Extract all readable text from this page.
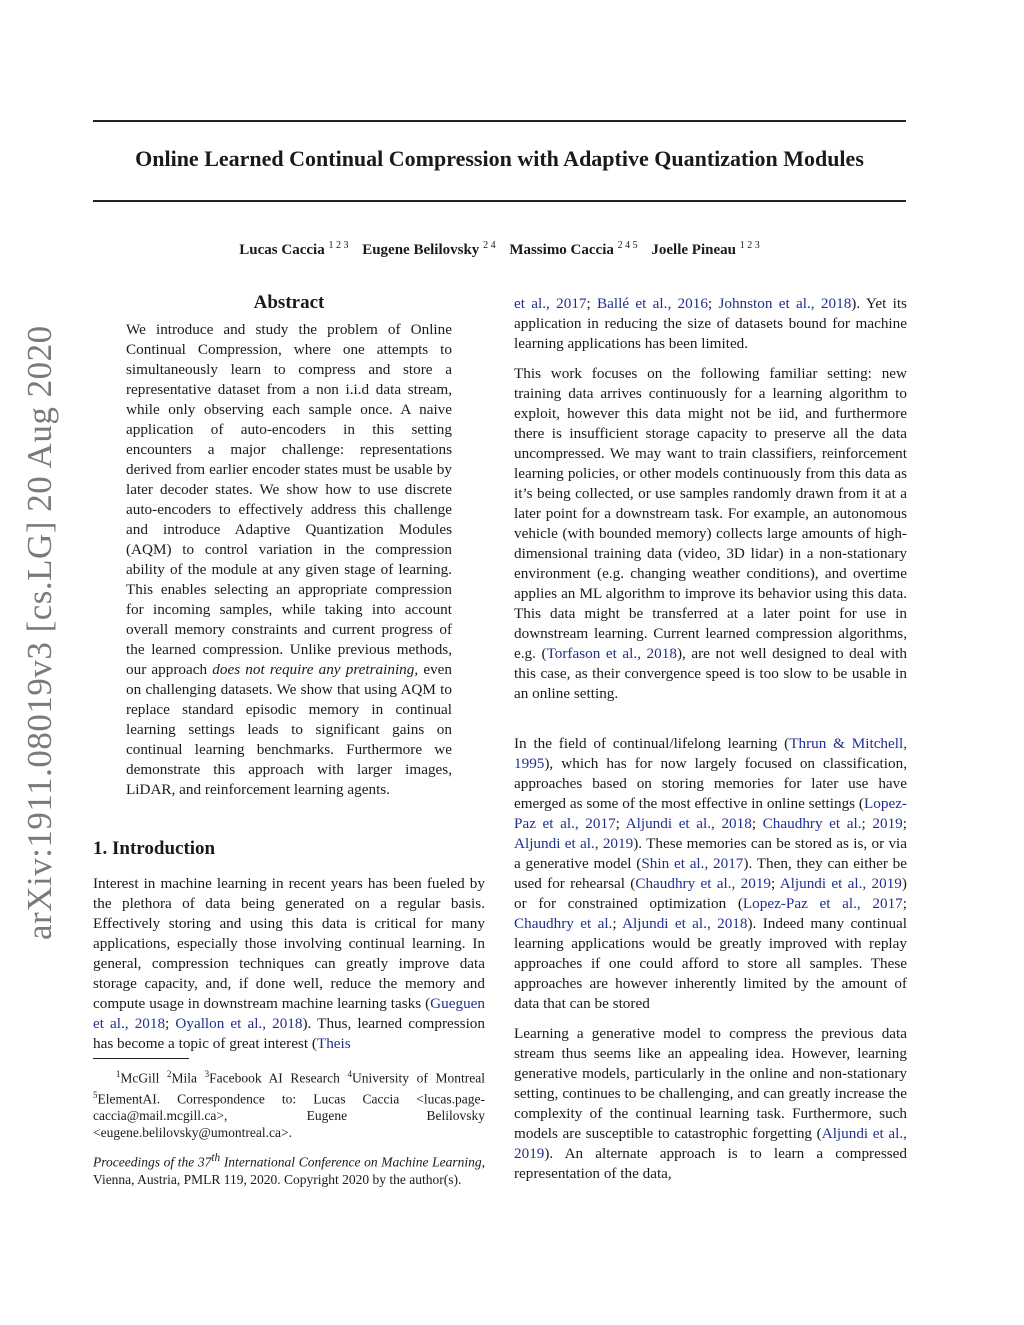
Online Learned Continual Compression with Adaptive Quantization Modules
Lucas Caccia $^{1 2 3}$ Eugene Belilovsky $^{2 4}$ Massimo Caccia $^{2 4 5}$ Joelle Pineau $^{1 2 3}$
arXiv:1911.08019v3 [cs.LG] 20 Aug 2020
Abstract

We introduce and study the problem of Online Continual Compression, where one attempts to simultaneously learn to compress and store a representative dataset from a non i.i.d data stream, while only observing each sample once. A naive application of auto-encoders in this setting encounters a major challenge: representations derived from earlier encoder states must be usable by later decoder states. We show how to use discrete auto-encoders to effectively address this challenge and introduce Adaptive Quantization Modules (AQM) to control variation in the compression ability of the module at any given stage of learning. This enables selecting an appropriate compression for incoming samples, while taking into account overall memory constraints and current progress of the learned compression. Unlike previous methods, our approach does not require any pretraining, even on challenging datasets. We show that using AQM to replace standard episodic memory in continual learning settings leads to significant gains on continual learning benchmarks. Furthermore we demonstrate this approach with larger images, LiDAR, and reinforcement learning agents.

1. Introduction

Interest in machine learning in recent years has been fueled by the plethora of data being generated on a regular basis. Effectively storing and using this data is critical for many applications, especially those involving continual learning. In general, compression techniques can greatly improve data storage capacity, and, if done well, reduce the memory and compute usage in downstream machine learning tasks (Gueguen et al., 2018; Oyallon et al., 2018). Thus, learned compression has become a topic of great interest (Theis

$^1$McGill $^2$Mila $^3$Facebook AI Research $^4$University of Montreal $^5$ElementAI. Correspondence to: Lucas Caccia <lucas.page-caccia@mail.mcgill.ca>, Eugene Belilovsky <eugene.belilovsky@umontreal.ca>.

Proceedings of the 37th International Conference on Machine Learning, Vienna, Austria, PMLR 119, 2020. Copyright 2020 by the author(s).

et al., 2017; Ballé et al., 2016; Johnston et al., 2018). Yet its application in reducing the size of datasets bound for machine learning applications has been limited.

This work focuses on the following familiar setting: new training data arrives continuously for a learning algorithm to exploit, however this data might not be iid, and furthermore there is insufficient storage capacity to preserve all the data uncompressed. We may want to train classifiers, reinforcement learning policies, or other models continuously from this data as it’s being collected, or use samples randomly drawn from it at a later point for a downstream task. For example, an autonomous vehicle (with bounded memory) collects large amounts of high-dimensional training data (video, 3D lidar) in a non-stationary environment (e.g. changing weather conditions), and overtime applies an ML algorithm to improve its behavior using this data. This data might be transferred at a later point for use in downstream learning. Current learned compression algorithms, e.g. (Torfason et al., 2018), are not well designed to deal with this case, as their convergence speed is too slow to be usable in an online setting.

In the field of continual/lifelong learning (Thrun & Mitchell, 1995), which has for now largely focused on classification, approaches based on storing memories for later use have emerged as some of the most effective in online settings (Lopez-Paz et al., 2017; Aljundi et al., 2018; Chaudhry et al.; 2019; Aljundi et al., 2019). These memories can be stored as is, or via a generative model (Shin et al., 2017). Then, they can either be used for rehearsal (Chaudhry et al., 2019; Aljundi et al., 2019) or for constrained optimization (Lopez-Paz et al., 2017; Chaudhry et al.; Aljundi et al., 2018). Indeed many continual learning applications would be greatly improved with replay approaches if one could afford to store all samples. These approaches are however inherently limited by the amount of data that can be stored

Learning a generative model to compress the previous data stream thus seems like an appealing idea. However, learning generative models, particularly in the online and non-stationary setting, continues to be challenging, and can greatly increase the complexity of the continual learning task. Furthermore, such models are susceptible to catastrophic forgetting (Aljundi et al., 2019). An alternate approach is to learn a compressed representation of the data,
